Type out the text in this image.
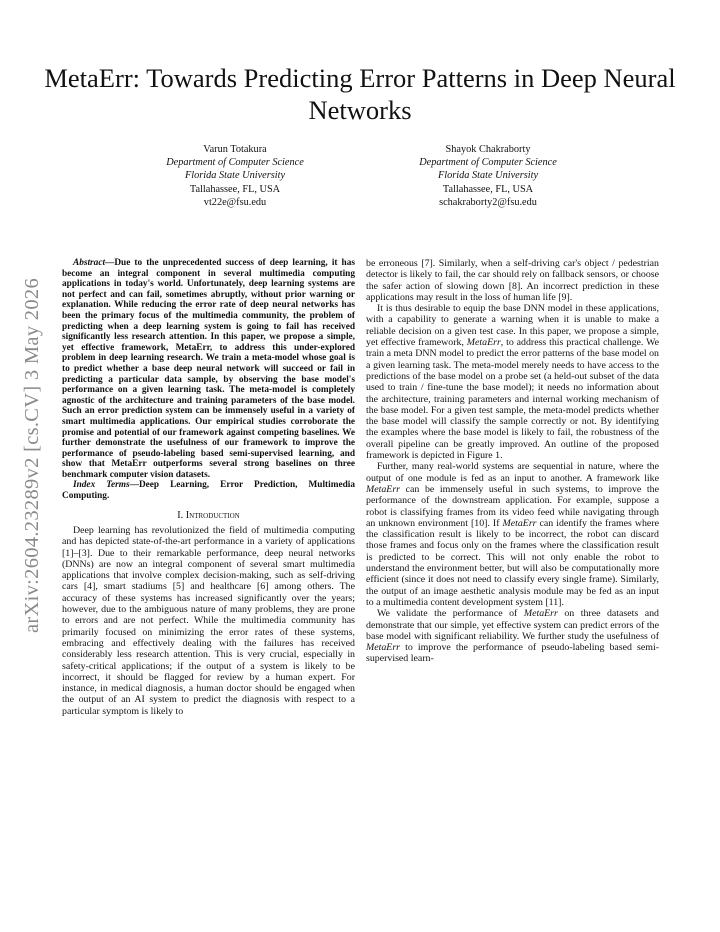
arXiv:2604.23289v2 [cs.CV] 3 May 2026
MetaErr: Towards Predicting Error Patterns in Deep Neural Networks
Varun Totakura
Department of Computer Science
Florida State University
Tallahassee, FL, USA
vt22e@fsu.edu
Shayok Chakraborty
Department of Computer Science
Florida State University
Tallahassee, FL, USA
schakraborty2@fsu.edu

Abstract—Due to the unprecedented success of deep learning, it has become an integral component in several multimedia computing applications in today's world. Unfortunately, deep learning systems are not perfect and can fail, sometimes abruptly, without prior warning or explanation. While reducing the error rate of deep neural networks has been the primary focus of the multimedia community, the problem of predicting when a deep learning system is going to fail has received significantly less research attention. In this paper, we propose a simple, yet effective framework, MetaErr, to address this under-explored problem in deep learning research. We train a meta-model whose goal is to predict whether a base deep neural network will succeed or fail in predicting a particular data sample, by observing the base model's performance on a given learning task. The meta-model is completely agnostic of the architecture and training parameters of the base model. Such an error prediction system can be immensely useful in a variety of smart multimedia applications. Our empirical studies corroborate the promise and potential of our framework against competing baselines. We further demonstrate the usefulness of our framework to improve the performance of pseudo-labeling based semi-supervised learning, and show that MetaErr outperforms several strong baselines on three benchmark computer vision datasets.

Index Terms—Deep Learning, Error Prediction, Multimedia Computing.

I. Introduction

Deep learning has revolutionized the field of multimedia computing and has depicted state-of-the-art performance in a variety of applications [1]–[3]. Due to their remarkable performance, deep neural networks (DNNs) are now an integral component of several smart multimedia applications that involve complex decision-making, such as self-driving cars [4], smart stadiums [5] and healthcare [6] among others. The accuracy of these systems has increased significantly over the years; however, due to the ambiguous nature of many problems, they are prone to errors and are not perfect. While the multimedia community has primarily focused on minimizing the error rates of these systems, embracing and effectively dealing with the failures has received considerably less research attention. This is very crucial, especially in safety-critical applications; if the output of a system is likely to be incorrect, it should be flagged for review by a human expert. For instance, in medical diagnosis, a human doctor should be engaged when the output of an AI system to predict the diagnosis with respect to a particular symptom is likely to

be erroneous [7]. Similarly, when a self-driving car's object / pedestrian detector is likely to fail, the car should rely on fallback sensors, or choose the safer action of slowing down [8]. An incorrect prediction in these applications may result in the loss of human life [9].

It is thus desirable to equip the base DNN model in these applications, with a capability to generate a warning when it is unable to make a reliable decision on a given test case. In this paper, we propose a simple, yet effective framework, MetaErr, to address this practical challenge. We train a meta DNN model to predict the error patterns of the base model on a given learning task. The meta-model merely needs to have access to the predictions of the base model on a probe set (a held-out subset of the data used to train / fine-tune the base model); it needs no information about the architecture, training parameters and internal working mechanism of the base model. For a given test sample, the meta-model predicts whether the base model will classify the sample correctly or not. By identifying the examples where the base model is likely to fail, the robustness of the overall pipeline can be greatly improved. An outline of the proposed framework is depicted in Figure 1.

Further, many real-world systems are sequential in nature, where the output of one module is fed as an input to another. A framework like MetaErr can be immensely useful in such systems, to improve the performance of the downstream application. For example, suppose a robot is classifying frames from its video feed while navigating through an unknown environment [10]. If MetaErr can identify the frames where the classification result is likely to be incorrect, the robot can discard those frames and focus only on the frames where the classification result is predicted to be correct. This will not only enable the robot to understand the environment better, but will also be computationally more efficient (since it does not need to classify every single frame). Similarly, the output of an image aesthetic analysis module may be fed as an input to a multimedia content development system [11].

We validate the performance of MetaErr on three datasets and demonstrate that our simple, yet effective system can predict errors of the base model with significant reliability. We further study the usefulness of MetaErr to improve the performance of pseudo-labeling based semi-supervised learn-
